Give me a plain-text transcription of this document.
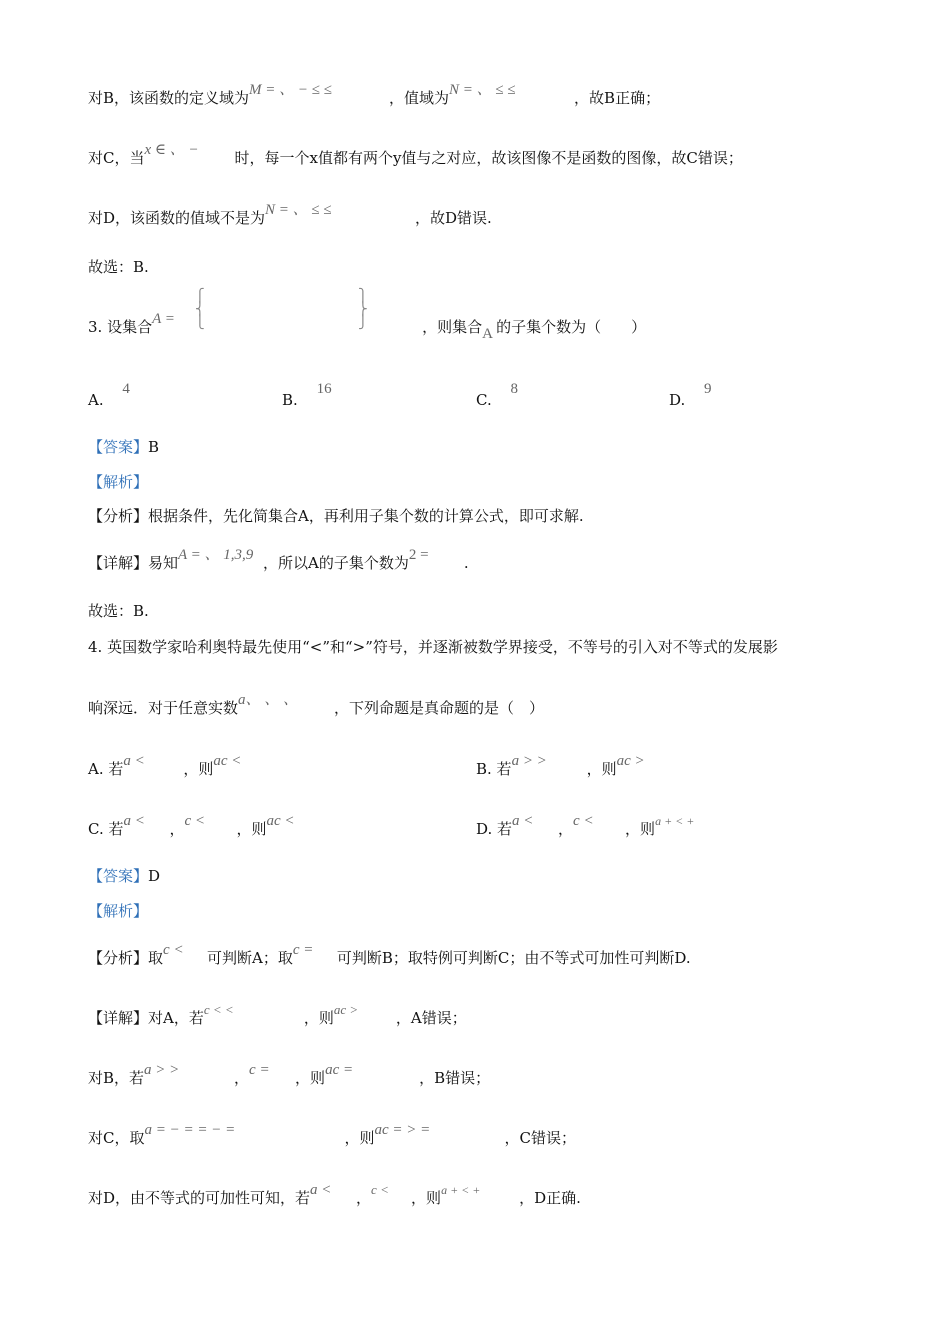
对B，该函数的定义域为M = 、 − ≤ ≤	，值域为N = 、 ≤ ≤	，故B正确；
对C，当x ∈ 、 − 时，每一个x值都有两个y值与之对应，故该图像不是函数的图像，故C错误；
对D，该函数的值域不是为N = 、 ≤ ≤	，故D错误.
故选：B.
3. 设集合A =	，则集合A 的子集个数为（　　）
⎧
⎨
⎩
⎫
⎬
⎭
A. 4
B. 16
C. 8
D. 9
【答案】B
【解析】
【分析】根据条件，先化简集合A，再利用子集个数的计算公式，即可求解.
【详解】易知A = 、 1,3,9，所以A的子集个数为2 =.
故选：B.
4. 英国数学家哈利奥特最先使用“<”和“>”符号，并逐渐被数学界接受，不等号的引入对不等式的发展影
响深远．对于任意实数a、 、 、 ，下列命题是真命题的是（　）
A. 若a <	，则ac <	B. 若a > >	，则ac >
C. 若a < ，c < ，则ac <	D. 若a < ，c < ，则a + < +
【答案】D
【解析】
【分析】取c < 可判断A；取c = 可判断B；取特例可判断C；由不等式可加性可判断D.
【详解】对A，若c < <	，则ac >	，A错误；
对B，若a > >	，c = ，则ac =	，B错误；
对C，取a = − = = − =	，则ac = > =	，C错误；
对D，由不等式的可加性可知，若a < ，c < ，则a + < +	，D正确.
